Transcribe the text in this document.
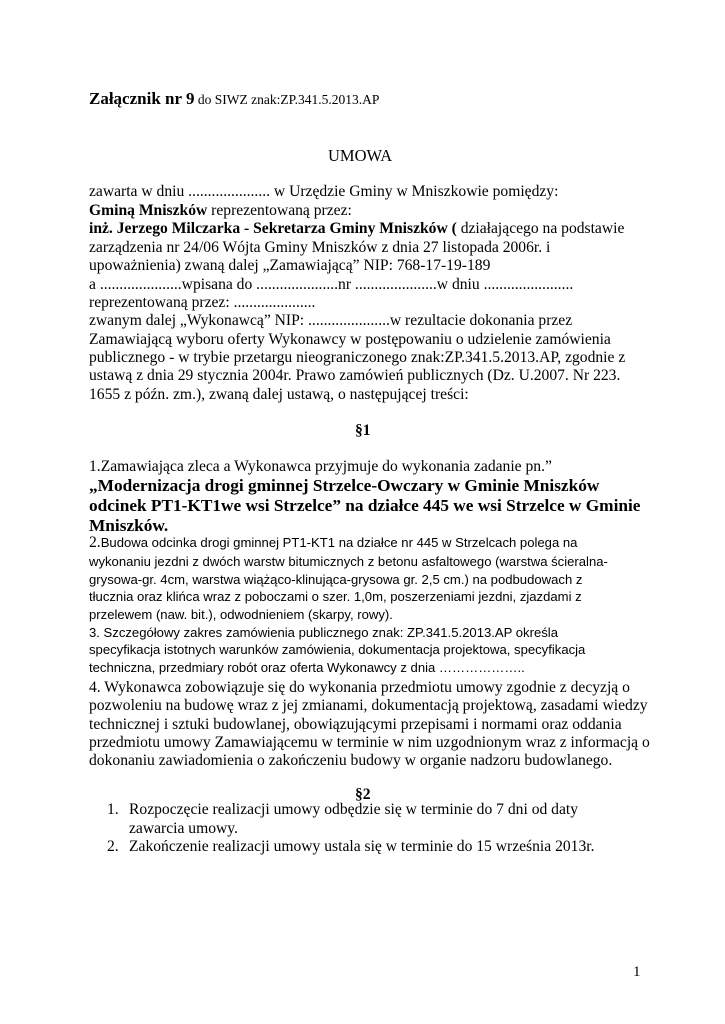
Załącznik nr 9 do SIWZ znak:ZP.341.5.2013.AP
UMOWA
zawarta w dniu ..................... w Urzędzie Gminy w Mniszkowie pomiędzy:
Gminą Mniszków reprezentowaną przez:
inż. Jerzego Milczarka - Sekretarza Gminy Mniszków ( działającego na podstawie
zarządzenia nr 24/06 Wójta Gminy Mniszków z dnia 27 listopada 2006r. i
upoważnienia) zwaną dalej „Zamawiającą” NIP: 768-17-19-189
a .....................wpisana do .....................nr .....................w dniu .......................
reprezentowaną przez: .....................
zwanym dalej „Wykonawcą” NIP: .....................w rezultacie dokonania przez
Zamawiającą wyboru oferty Wykonawcy w postępowaniu o udzielenie zamówienia
publicznego - w trybie przetargu nieograniczonego znak:ZP.341.5.2013.AP, zgodnie z
ustawą z dnia 29 stycznia 2004r. Prawo zamówień publicznych (Dz. U.2007. Nr 223.
1655 z późn. zm.), zwaną dalej ustawą, o następującej treści:
§1
1.Zamawiająca zleca a Wykonawca przyjmuje do wykonania zadanie pn.”
„Modernizacja drogi gminnej Strzelce-Owczary w Gminie Mniszków
odcinek PT1-KT1we wsi Strzelce” na działce 445 we wsi Strzelce w Gminie
Mniszków.
2.Budowa odcinka drogi gminnej PT1-KT1 na działce nr 445 w Strzelcach polega na
wykonaniu jezdni z dwóch warstw bitumicznych z betonu asfaltowego (warstwa ścieralna-
grysowa-gr. 4cm, warstwa wiążąco-klinująca-grysowa gr. 2,5 cm.) na podbudowach z
tłucznia oraz klińca wraz z poboczami o szer. 1,0m, poszerzeniami jezdni, zjazdami z
przelewem (naw. bit.), odwodnieniem (skarpy, rowy).
3. Szczegółowy zakres zamówienia publicznego znak: ZP.341.5.2013.AP określa
specyfikacja istotnych warunków zamówienia, dokumentacja projektowa, specyfikacja
techniczna, przedmiary robót oraz oferta Wykonawcy z dnia ………………..
4. Wykonawca zobowiązuje się do wykonania przedmiotu umowy zgodnie z decyzją o
pozwoleniu na budowę wraz z jej zmianami, dokumentacją projektową, zasadami wiedzy
technicznej i sztuki budowlanej, obowiązującymi przepisami i normami oraz oddania
przedmiotu umowy Zamawiającemu w terminie w nim uzgodnionym wraz z informacją o
dokonaniu zawiadomienia o zakończeniu budowy w organie nadzoru budowlanego.
§2
1. Rozpoczęcie realizacji umowy odbędzie się w terminie do 7 dni od daty
zawarcia umowy.
2. Zakończenie realizacji umowy ustala się w terminie do 15 września 2013r.
1
